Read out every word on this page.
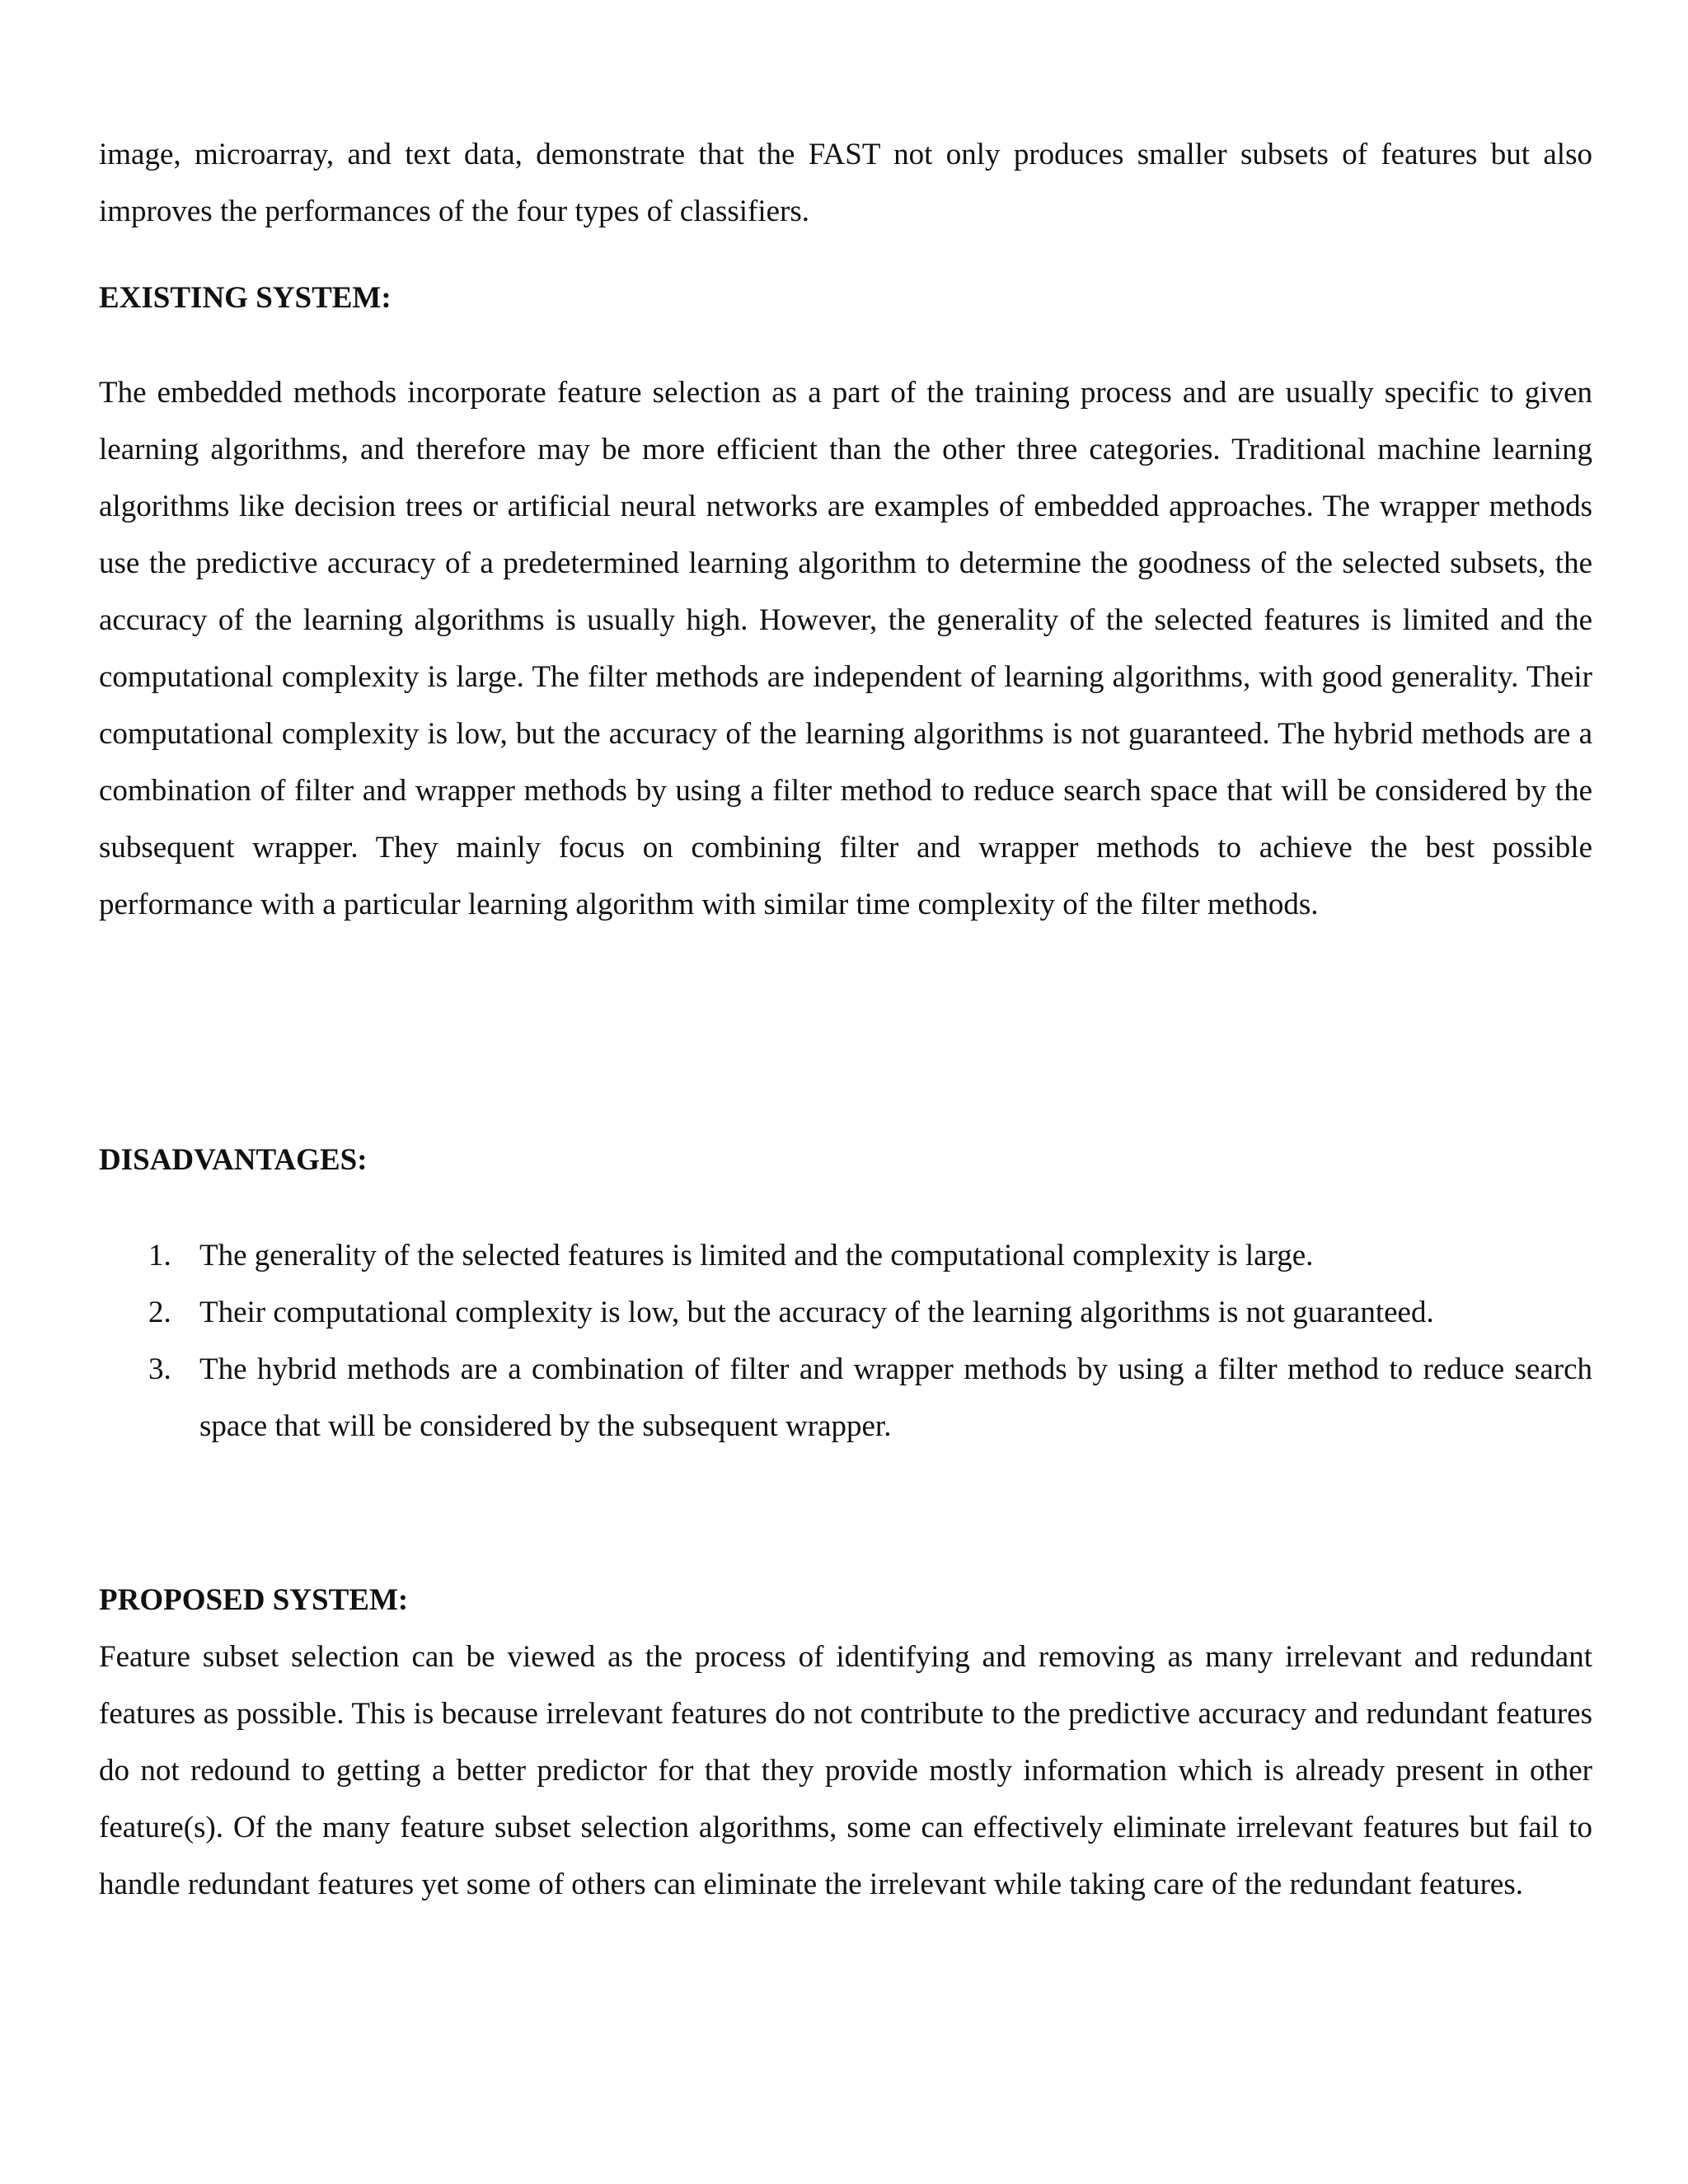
image, microarray, and text data, demonstrate that the FAST not only produces smaller subsets of features but also improves the performances of the four types of classifiers.

EXISTING SYSTEM:

The embedded methods incorporate feature selection as a part of the training process and are usually specific to given learning algorithms, and therefore may be more efficient than the other three categories. Traditional machine learning algorithms like decision trees or artificial neural networks are examples of embedded approaches. The wrapper methods use the predictive accuracy of a predetermined learning algorithm to determine the goodness of the selected subsets, the accuracy of the learning algorithms is usually high. However, the generality of the selected features is limited and the computational complexity is large. The filter methods are independent of learning algorithms, with good generality. Their computational complexity is low, but the accuracy of the learning algorithms is not guaranteed. The hybrid methods are a combination of filter and wrapper methods by using a filter method to reduce search space that will be considered by the subsequent wrapper. They mainly focus on combining filter and wrapper methods to achieve the best possible performance with a particular learning algorithm with similar time complexity of the filter methods.

DISADVANTAGES:
1. The generality of the selected features is limited and the computational complexity is large.
2. Their computational complexity is low, but the accuracy of the learning algorithms is not guaranteed.
3. The hybrid methods are a combination of filter and wrapper methods by using a filter method to reduce search space that will be considered by the subsequent wrapper.
PROPOSED SYSTEM:

Feature subset selection can be viewed as the process of identifying and removing as many irrelevant and redundant features as possible. This is because irrelevant features do not contribute to the predictive accuracy and redundant features do not redound to getting a better predictor for that they provide mostly information which is already present in other feature(s). Of the many feature subset selection algorithms, some can effectively eliminate irrelevant features but fail to handle redundant features yet some of others can eliminate the irrelevant while taking care of the redundant features.
